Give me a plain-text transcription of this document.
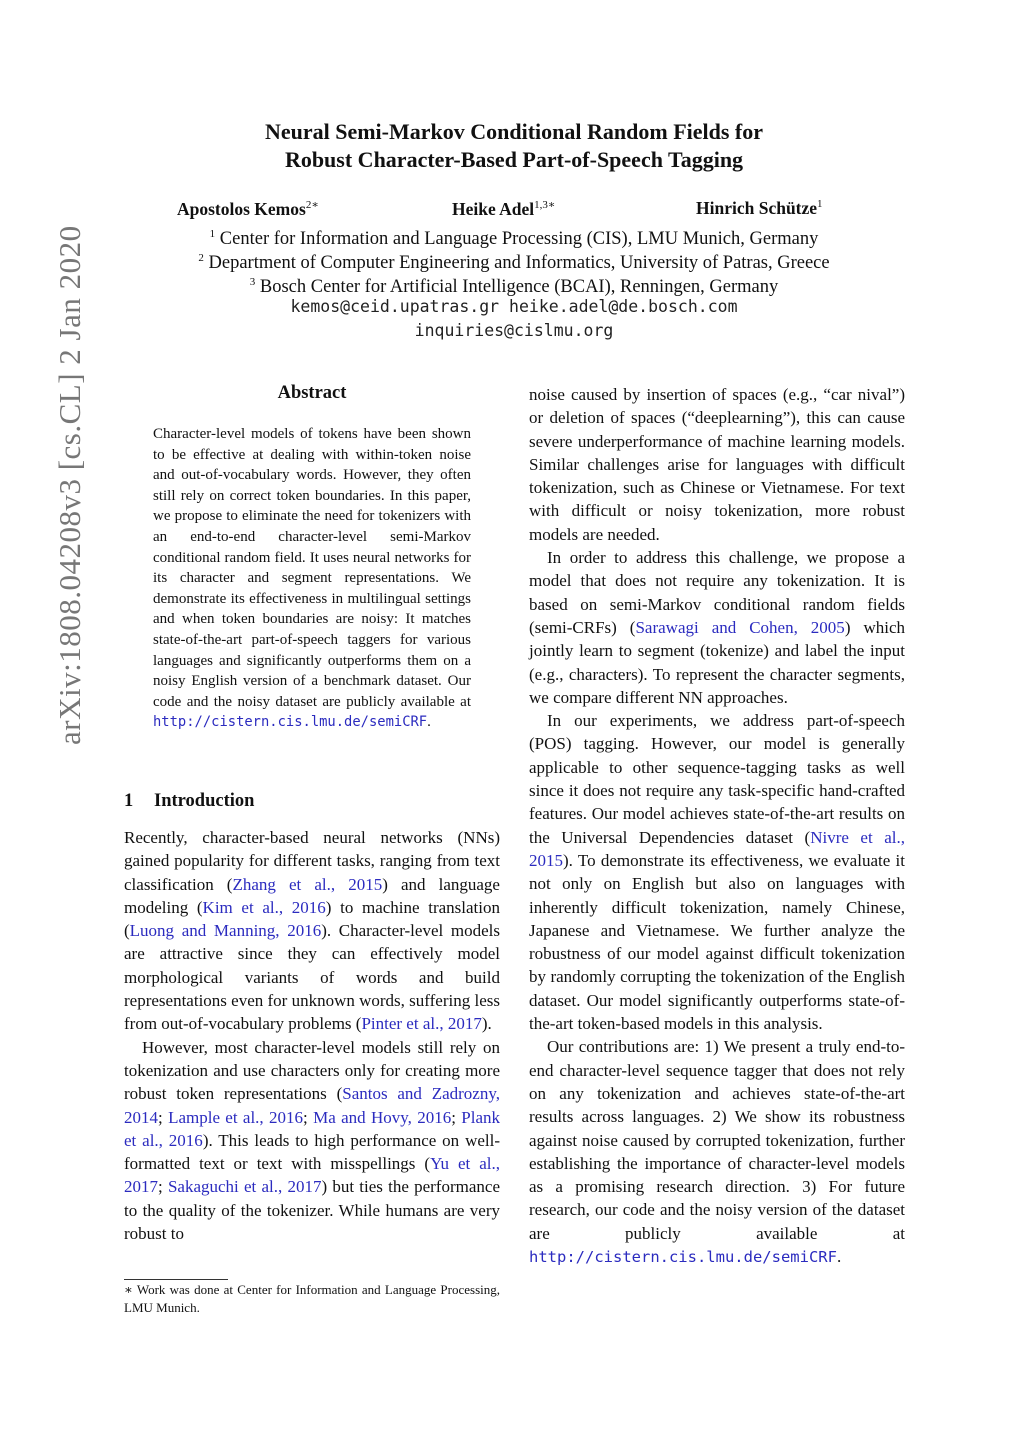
arXiv:1808.04208v3 [cs.CL] 2 Jan 2020
Neural Semi-Markov Conditional Random Fields for
Robust Character-Based Part-of-Speech Tagging
Apostolos Kemos$^{2∗}$	Heike Adel$^{1,3∗}$	Hinrich Schütze$^1$
$^1$ Center for Information and Language Processing (CIS), LMU Munich, Germany
$^2$ Department of Computer Engineering and Informatics, University of Patras, Greece
$^3$ Bosch Center for Artificial Intelligence (BCAI), Renningen, Germany
kemos@ceid.upatras.gr heike.adel@de.bosch.com
inquiries@cislmu.org
Abstract
Character-level models of tokens have been shown to be effective at dealing with within-token noise and out-of-vocabulary words. However, they often still rely on correct token boundaries. In this paper, we propose to eliminate the need for tokenizers with an end-to-end character-level semi-Markov conditional random field. It uses neural networks for its character and segment representations. We demonstrate its effectiveness in multilingual settings and when token boundaries are noisy: It matches state-of-the-art part-of-speech taggers for various languages and significantly outperforms them on a noisy English version of a benchmark dataset. Our code and the noisy dataset are publicly available at http://cistern.cis.lmu.de/semiCRF.
1 Introduction

Recently, character-based neural networks (NNs) gained popularity for different tasks, ranging from text classification (Zhang et al., 2015) and language modeling (Kim et al., 2016) to machine translation (Luong and Manning, 2016). Character-level models are attractive since they can effectively model morphological variants of words and build representations even for unknown words, suffering less from out-of-vocabulary problems (Pinter et al., 2017).

However, most character-level models still rely on tokenization and use characters only for creating more robust token representations (Santos and Zadrozny, 2014; Lample et al., 2016; Ma and Hovy, 2016; Plank et al., 2016). This leads to high performance on well-formatted text or text with misspellings (Yu et al., 2017; Sakaguchi et al., 2017) but ties the performance to the quality of the tokenizer. While humans are very robust to

∗ Work was done at Center for Information and Language Processing, LMU Munich.

noise caused by insertion of spaces (e.g., “car nival”) or deletion of spaces (“deeplearning”), this can cause severe underperformance of machine learning models. Similar challenges arise for languages with difficult tokenization, such as Chinese or Vietnamese. For text with difficult or noisy tokenization, more robust models are needed.

In order to address this challenge, we propose a model that does not require any tokenization. It is based on semi-Markov conditional random fields (semi-CRFs) (Sarawagi and Cohen, 2005) which jointly learn to segment (tokenize) and label the input (e.g., characters). To represent the character segments, we compare different NN approaches.

In our experiments, we address part-of-speech (POS) tagging. However, our model is generally applicable to other sequence-tagging tasks as well since it does not require any task-specific hand-crafted features. Our model achieves state-of-the-art results on the Universal Dependencies dataset (Nivre et al., 2015). To demonstrate its effectiveness, we evaluate it not only on English but also on languages with inherently difficult tokenization, namely Chinese, Japanese and Vietnamese. We further analyze the robustness of our model against difficult tokenization by randomly corrupting the tokenization of the English dataset. Our model significantly outperforms state-of-the-art token-based models in this analysis.

Our contributions are: 1) We present a truly end-to-end character-level sequence tagger that does not rely on any tokenization and achieves state-of-the-art results across languages. 2) We show its robustness against noise caused by corrupted tokenization, further establishing the importance of character-level models as a promising research direction. 3) For future research, our code and the noisy version of the dataset are publicly available at http://cistern.cis.lmu.de/semiCRF.
